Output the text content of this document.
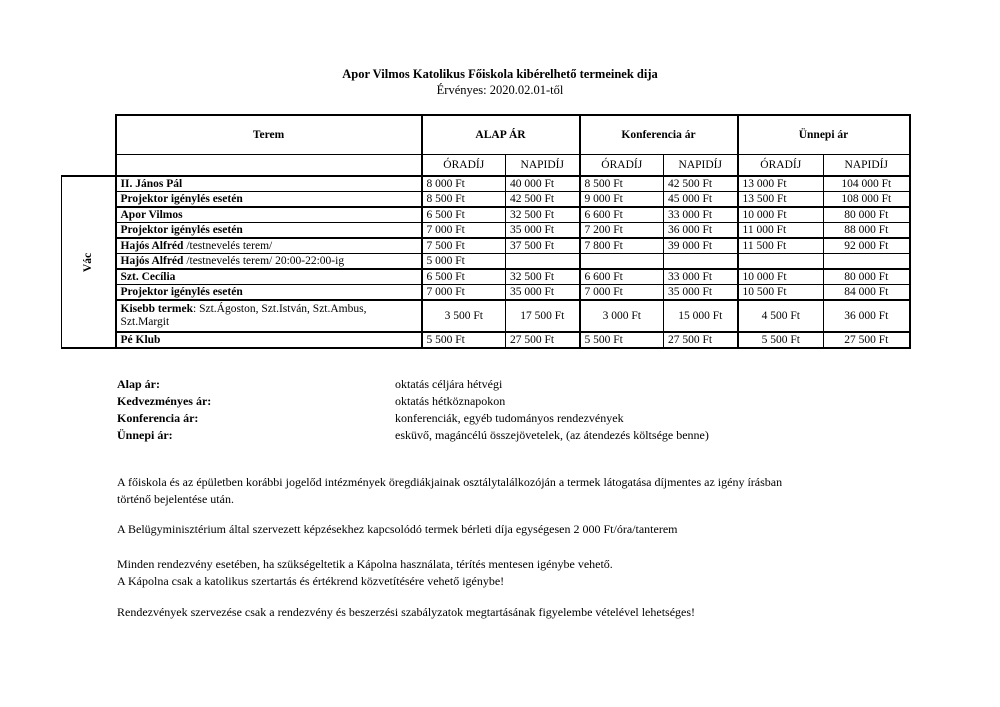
Apor Vilmos Katolikus Főiskola kibérelhető termeinek dija
Érvényes: 2020.02.01-től
	Terem	ALAP ÁR		Konferencia ár		Ünnepi ár	
		ÓRADÍJ	NAPIDÍJ	ÓRADÍJ	NAPIDÍJ	ÓRADÍJ	NAPIDÍJ
Vác	II. János Pál	8 000 Ft	40 000 Ft	8 500 Ft	42 500 Ft	13 000 Ft	104 000 Ft
	Projektor igénylés esetén	8 500 Ft	42 500 Ft	9 000 Ft	45 000 Ft	13 500 Ft	108 000 Ft
	Apor Vilmos	6 500 Ft	32 500 Ft	6 600 Ft	33 000 Ft	10 000 Ft	80 000 Ft
	Projektor igénylés esetén	7 000 Ft	35 000 Ft	7 200 Ft	36 000 Ft	11 000 Ft	88 000 Ft
	Hajós Alfréd /testnevelés terem/	7 500 Ft	37 500 Ft	7 800 Ft	39 000 Ft	11 500 Ft	92 000 Ft
	Hajós Alfréd /testnevelés terem/ 20:00-22:00-ig	5 000 Ft					
	Szt. Cecília	6 500 Ft	32 500 Ft	6 600 Ft	33 000 Ft	10 000 Ft	80 000 Ft
	Projektor igénylés esetén	7 000 Ft	35 000 Ft	7 000 Ft	35 000 Ft	10 500 Ft	84 000 Ft
	Kisebb termek: Szt.Ágoston, Szt.István, Szt.Ambus, Szt.Margit	3 500 Ft	17 500 Ft	3 000 Ft	15 000 Ft	4 500 Ft	36 000 Ft
	Pé Klub	5 500 Ft	27 500 Ft	5 500 Ft	27 500 Ft	5 500 Ft	27 500 Ft
Alap ár:	oktatás céljára hétvégi
Kedvezményes ár:	oktatás hétköznapokon
Konferencia ár:	konferenciák, egyéb tudományos rendezvények
Ünnepi ár:	esküvő, magáncélú összejövetelek, (az átendezés költsége benne)
A főiskola és az épületben korábbi jogelőd intézmények öregdiákjainak osztálytalálkozóján a termek látogatása díjmentes az igény írásban
történő bejelentése után.
A Belügyminisztérium által szervezett képzésekhez kapcsolódó termek bérleti díja egységesen 2 000 Ft/óra/tanterem
Minden rendezvény esetében, ha szükségeltetik a Kápolna használata, térítés mentesen igénybe vehető.
A Kápolna csak a katolikus szertartás és értékrend közvetítésére vehető igénybe!
Rendezvények szervezése csak a rendezvény és beszerzési szabályzatok megtartásának figyelembe vételével lehetséges!
